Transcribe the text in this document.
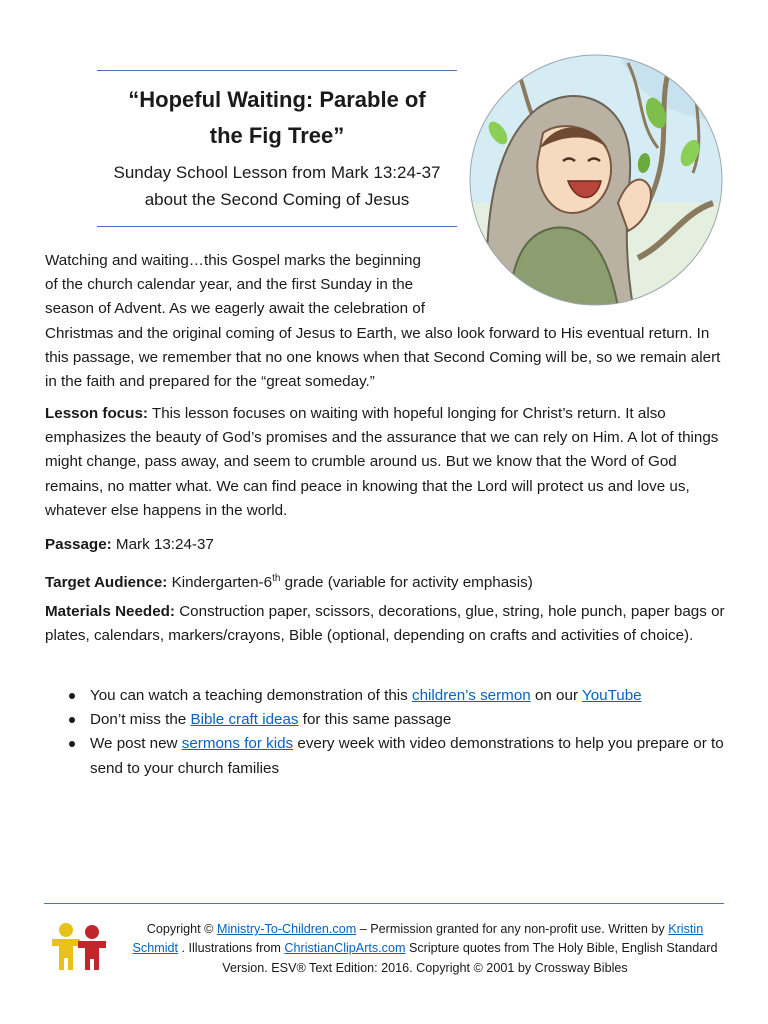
“Hopeful Waiting: Parable of
the Fig Tree”
Sunday School Lesson from Mark 13:24-37
about the Second Coming of Jesus
Watching and waiting…this Gospel marks the beginning
of the church calendar year, and the first Sunday in the
season of Advent. As we eagerly await the celebration of
Christmas and the original coming of Jesus to Earth, we also look forward to His eventual return. In this passage, we remember that no one knows when that Second Coming will be, so we remain alert in the faith and prepared for the “great someday.”
Lesson focus: This lesson focuses on waiting with hopeful longing for Christ’s return. It also emphasizes the beauty of God’s promises and the assurance that we can rely on Him. A lot of things might change, pass away, and seem to crumble around us. But we know that the Word of God remains, no matter what. We can find peace in knowing that the Lord will protect us and love us, whatever else happens in the world.
Passage: Mark 13:24-37
Target Audience: Kindergarten-6th grade (variable for activity emphasis)
Materials Needed: Construction paper, scissors, decorations, glue, string, hole punch, paper bags or plates, calendars, markers/crayons, Bible (optional, depending on crafts and activities of choice).
You can watch a teaching demonstration of this children’s sermon on our YouTube
Don’t miss the Bible craft ideas for this same passage
We post new sermons for kids every week with video demonstrations to help you prepare or to send to your church families
Copyright © Ministry-To-Children.com – Permission granted for any non-profit use. Written by Kristin Schmidt . Illustrations from ChristianClipArts.com Scripture quotes from The Holy Bible, English Standard Version. ESV® Text Edition: 2016. Copyright © 2001 by Crossway Bibles
